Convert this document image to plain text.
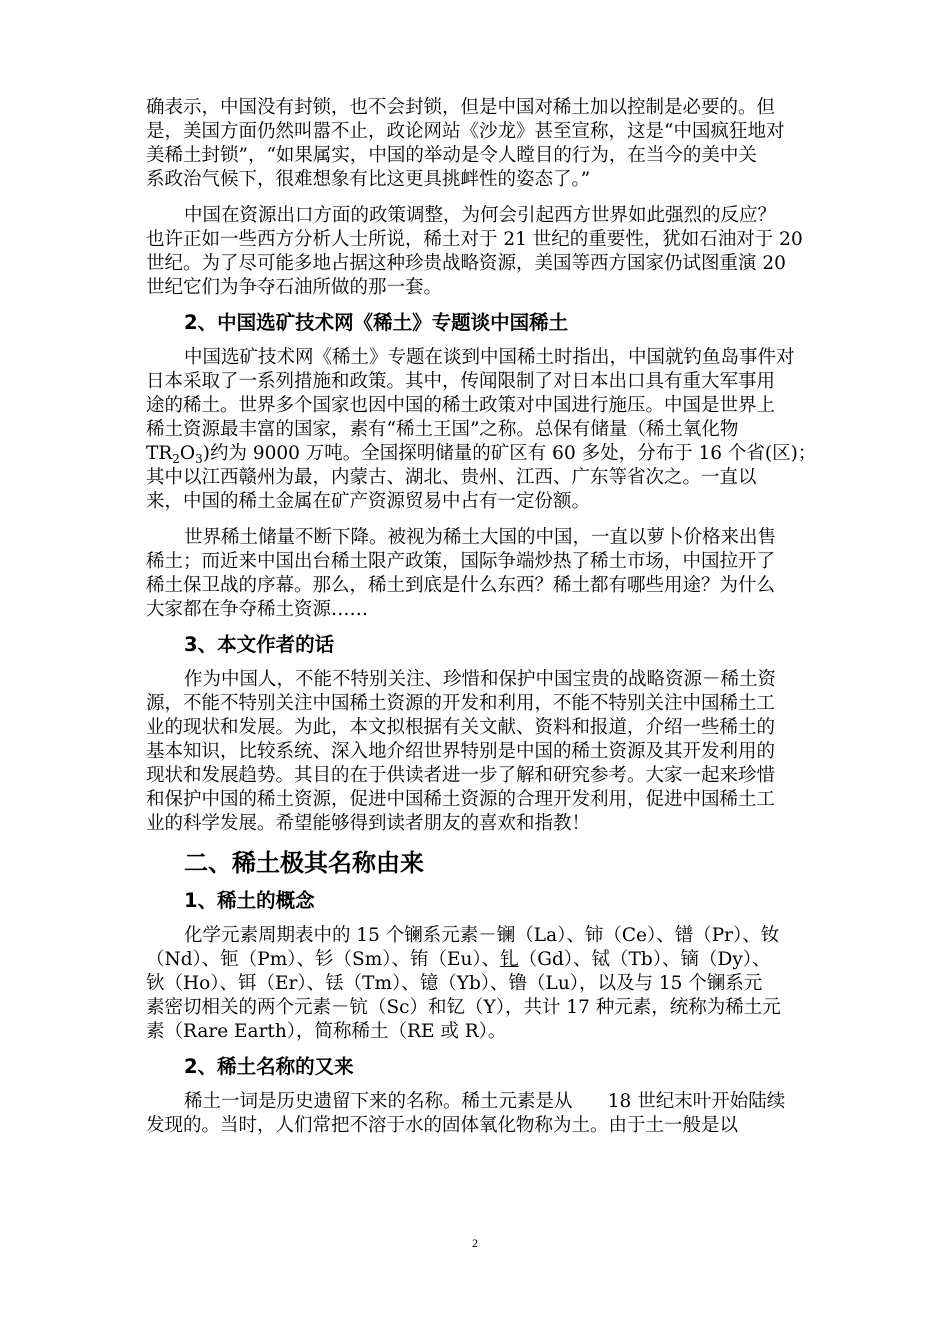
确表示，中国没有封锁，也不会封锁，但是中国对稀土加以控制是必要的。但
是，美国方面仍然叫嚣不止，政论网站《沙龙》甚至宣称，这是“中国疯狂地对
美稀土封锁”，“如果属实，中国的举动是令人瞠目的行为，在当今的美中关
系政治气候下，很难想象有比这更具挑衅性的姿态了。”

中国在资源出口方面的政策调整，为何会引起西方世界如此强烈的反应？
也许正如一些西方分析人士所说，稀土对于 21 世纪的重要性，犹如石油对于 20
世纪。为了尽可能多地占据这种珍贵战略资源，美国等西方国家仍试图重演 20
世纪它们为争夺石油所做的那一套。

2、中国选矿技术网《稀土》专题谈中国稀土

中国选矿技术网《稀土》专题在谈到中国稀土时指出，中国就钓鱼岛事件对
日本采取了一系列措施和政策。其中，传闻限制了对日本出口具有重大军事用
途的稀土。世界多个国家也因中国的稀土政策对中国进行施压。中国是世界上
稀土资源最丰富的国家，素有“稀土王国”之称。总保有储量（稀土氧化物
$TR_2O_3$)约为 9000 万吨。全国探明储量的矿区有 60 多处，分布于 16 个省(区)；
其中以江西赣州为最，内蒙古、湖北、贵州、江西、广东等省次之。一直以
来，中国的稀土金属在矿产资源贸易中占有一定份额。

世界稀土储量不断下降。被视为稀土大国的中国，一直以萝卜价格来出售
稀土；而近来中国出台稀土限产政策，国际争端炒热了稀土市场，中国拉开了
稀土保卫战的序幕。那么，稀土到底是什么东西？稀土都有哪些用途？为什么
大家都在争夺稀土资源……

3、本文作者的话

作为中国人，不能不特别关注、珍惜和保护中国宝贵的战略资源－稀土资
源，不能不特别关注中国稀土资源的开发和利用，不能不特别关注中国稀土工
业的现状和发展。为此，本文拟根据有关文献、资料和报道，介绍一些稀土的
基本知识，比较系统、深入地介绍世界特别是中国的稀土资源及其开发利用的
现状和发展趋势。其目的在于供读者进一步了解和研究参考。大家一起来珍惜
和保护中国的稀土资源，促进中国稀土资源的合理开发利用，促进中国稀土工
业的科学发展。希望能够得到读者朋友的喜欢和指教！

二、稀土极其名称由来
1、稀土的概念

化学元素周期表中的 15 个镧系元素－镧（La）、铈（Ce）、镨（Pr）、钕
（Nd）、钷（Pm）、钐（Sm）、铕（Eu）、钆（Gd）、铽（Tb）、镝（Dy）、
钬（Ho）、铒（Er）、铥（Tm）、镱（Yb）、镥（Lu），以及与 15 个镧系元
素密切相关的两个元素－钪（Sc）和钇（Y），共计 17 种元素，统称为稀土元
素（Rare Earth），简称稀土（RE 或 R）。

2、稀土名称的又来

稀土一词是历史遗留下来的名称。稀土元素是从      18 世纪末叶开始陆续
发现的。当时，人们常把不溶于水的固体氧化物称为土。由于土一般是以

2
